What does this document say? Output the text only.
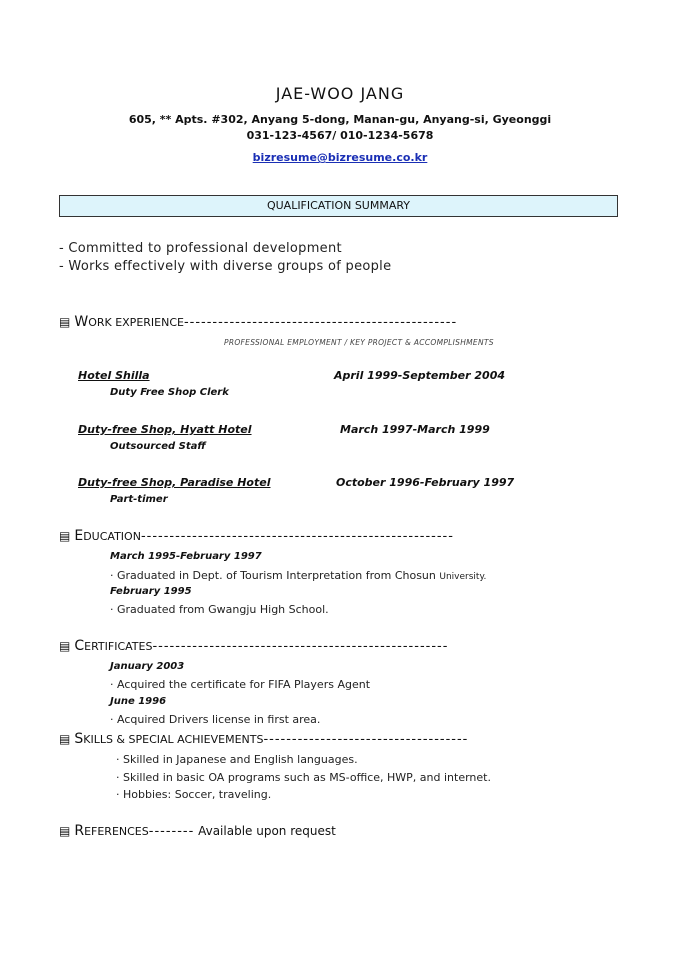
JAE-WOO JANG
605, ** Apts. #302, Anyang 5-dong, Manan-gu, Anyang-si, Gyeonggi
031-123-4567/ 010-1234-5678
bizresume@bizresume.co.kr
QUALIFICATION SUMMARY
- Committed to professional development
- Works effectively with diverse groups of people
▤ WORK EXPERIENCE------------------------------------------------
PROFESSIONAL EMPLOYMENT / KEY PROJECT & ACCOMPLISHMENTS
Hotel Shilla	April 1999-September 2004
Duty Free Shop Clerk
Duty-free Shop, Hyatt Hotel	March 1997-March 1999
Outsourced Staff
Duty-free Shop, Paradise Hotel	October 1996-February 1997
Part-timer
▤ EDUCATION-------------------------------------------------------
March 1995-February 1997
· Graduated in Dept. of Tourism Interpretation from Chosun University.
February 1995
· Graduated from Gwangju High School.
▤ CERTIFICATES----------------------------------------------------
January 2003
· Acquired the certificate for FIFA Players Agent
June 1996
· Acquired Drivers license in first area.
▤ SKILLS & SPECIAL ACHIEVEMENTS------------------------------------
· Skilled in Japanese and English languages.
· Skilled in basic OA programs such as MS-office, HWP, and internet.
· Hobbies: Soccer, traveling.
▤ REFERENCES-------- Available upon request
